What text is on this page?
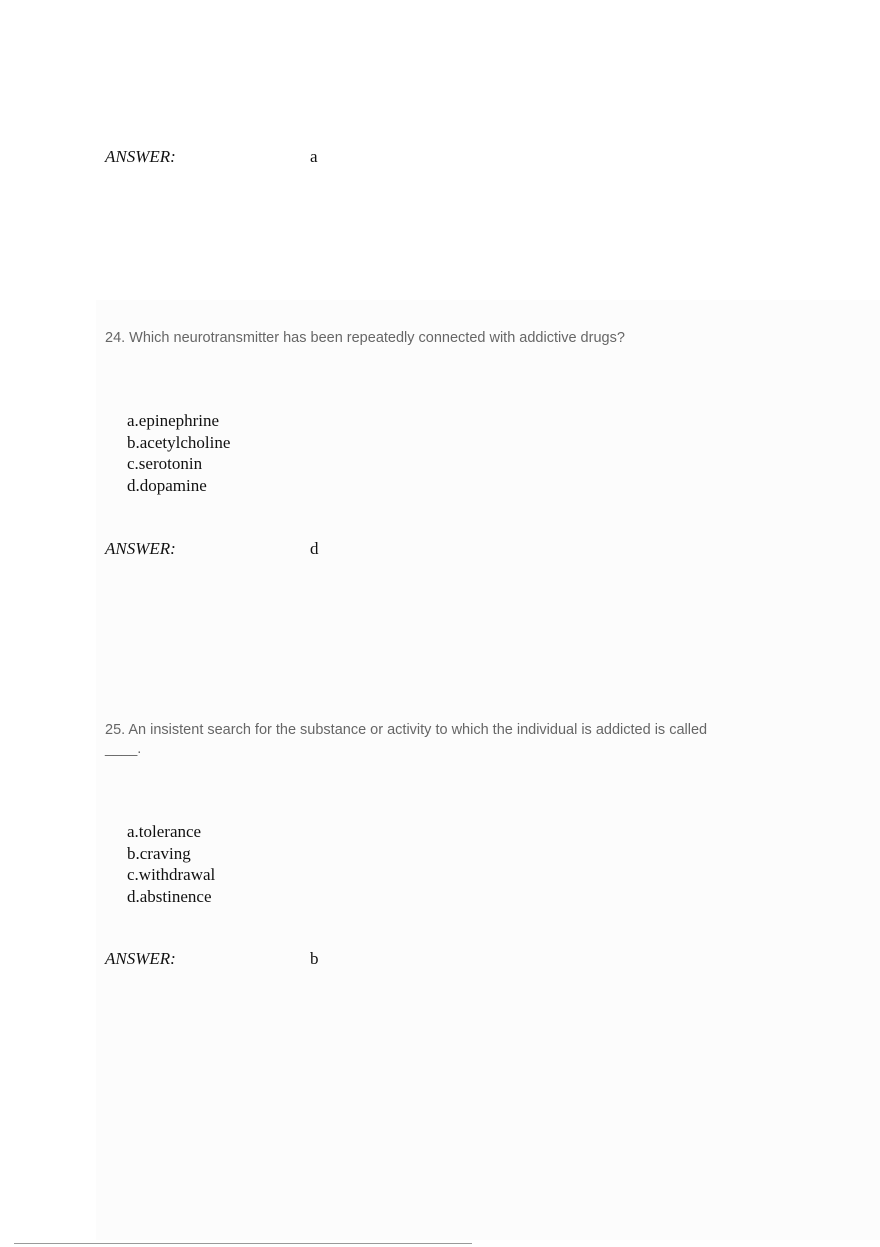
ANSWER:	a
24. Which neurotransmitter has been repeatedly connected with addictive drugs?
a.epinephrine
b.acetylcholine
c.serotonin
d.dopamine
ANSWER:	d
25. An insistent search for the substance or activity to which the individual is addicted is called ____.
a.tolerance
b.craving
c.withdrawal
d.abstinence
ANSWER:	b
